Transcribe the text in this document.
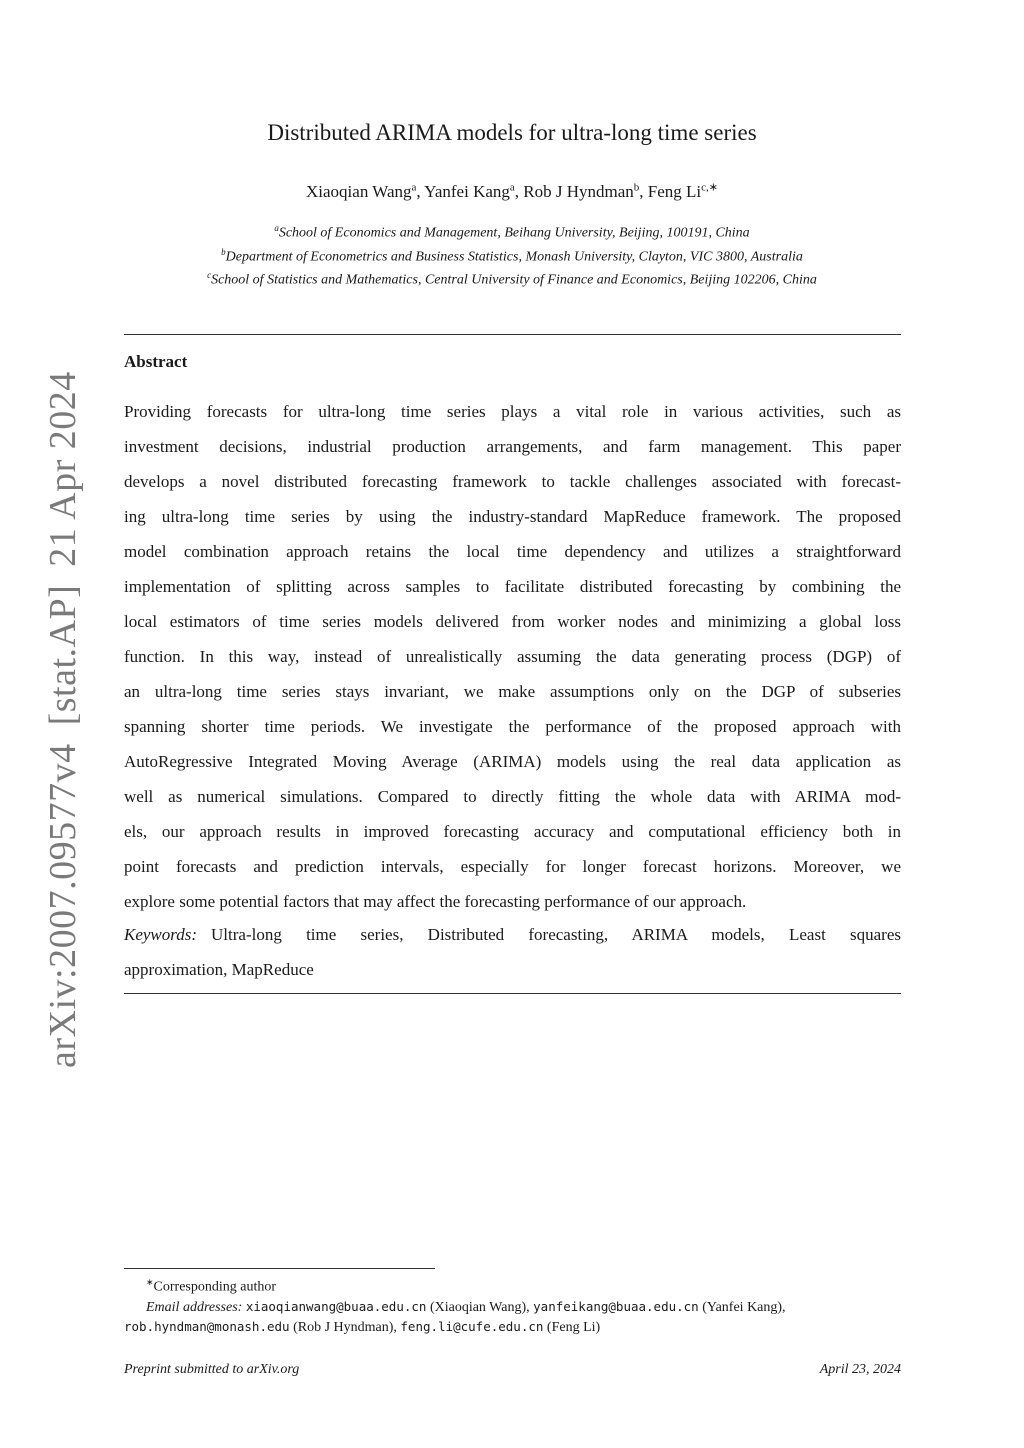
arXiv:2007.09577v4[stat.AP]21 Apr 2024
Distributed ARIMA models for ultra-long time series
Xiaoqian Wang$^a$, Yanfei Kang$^a$, Rob J Hyndman$^b$, Feng $Li^{c,∗}$
$^a$School of Economics and Management, Beihang University, Beijing, 100191, China
$^b$Department of Econometrics and Business Statistics, Monash University, Clayton, VIC 3800, Australia
$^c$School of Statistics and Mathematics, Central University of Finance and Economics, Beijing 102206, China
Abstract
Providing forecasts for ultra-long time series plays a vital role in various activities, such as
investment decisions, industrial production arrangements, and farm management. This paper
develops a novel distributed forecasting framework to tackle challenges associated with forecast-
ing ultra-long time series by using the industry-standard MapReduce framework. The proposed
model combination approach retains the local time dependency and utilizes a straightforward
implementation of splitting across samples to facilitate distributed forecasting by combining the
local estimators of time series models delivered from worker nodes and minimizing a global loss
function. In this way, instead of unrealistically assuming the data generating process (DGP) of
an ultra-long time series stays invariant, we make assumptions only on the DGP of subseries
spanning shorter time periods. We investigate the performance of the proposed approach with
AutoRegressive Integrated Moving Average (ARIMA) models using the real data application as
well as numerical simulations. Compared to directly fitting the whole data with ARIMA mod-
els, our approach results in improved forecasting accuracy and computational efficiency both in
point forecasts and prediction intervals, especially for longer forecast horizons. Moreover, we
explore some potential factors that may affect the forecasting performance of our approach.
Keywords: Ultra-long time series, Distributed forecasting, ARIMA models, Least squares
approximation, MapReduce
∗Corresponding author
Email addresses: xiaoqianwang@buaa.edu.cn (Xiaoqian Wang), yanfeikang@buaa.edu.cn (Yanfei Kang),
rob.hyndman@monash.edu (Rob J Hyndman), feng.li@cufe.edu.cn (Feng Li)
Preprint submitted to arXiv.org	April 23, 2024
